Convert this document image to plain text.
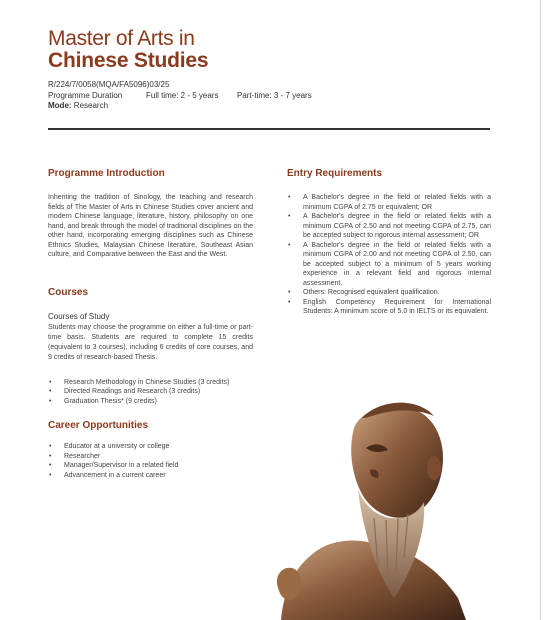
Master of Arts in
Chinese Studies
R/224/7/0058(MQA/FA5096)03/25
Programme Duration	Full time: 2 - 5 years Part-time: 3 - 7 years
Mode: Research
Programme Introduction

Inheriting the tradition of Sinology, the teaching and research fields of The Master of Arts in Chinese Studies cover ancient and modern Chinese language, literature, history, philosophy on one hand, and break through the model of traditional disciplines on the other hand, incorporating emerging disciplines such as Chinese Ethnics Studies, Malaysian Chinese literature, Southeast Asian culture, and Comparative between the East and the West.

Courses

Courses of Study

Students may choose the programme on either a full-time or part-time basis. Students are required to complete 15 credits (equivalent to 3 courses), including 6 credits of core courses, and 9 credits of research-based Thesis.

• Research Methodology in Chinese Studies (3 credits)
• Directed Readings and Research (3 credits)
• Graduation Thesis* (9 credits)
Career Opportunities
• Educator at a university or college
• Researcher
• Manager/Supervisor in a related field
• Advancement in a current career
Entry Requirements
• A Bachelor's degree in the field or related fields with a minimum CGPA of 2.75 or equivalent; OR
• A Bachelor's degree in the field or related fields with a minimum CGPA of 2.50 and not meeting CGPA of 2.75, can be accepted subject to rigorous internal assessment; OR
• A Bachelor's degree in the field or related fields with a minimum CGPA of 2.00 and not meeting CGPA of 2.50, can be accepted subject to a minimum of 5 years working experience in a relevant field and rigorous internal assessment.
• Others: Recognised equivalent qualification.
• English Competency Requirement for International Students: A minimum score of 5.0 in IELTS or its equivalent.
